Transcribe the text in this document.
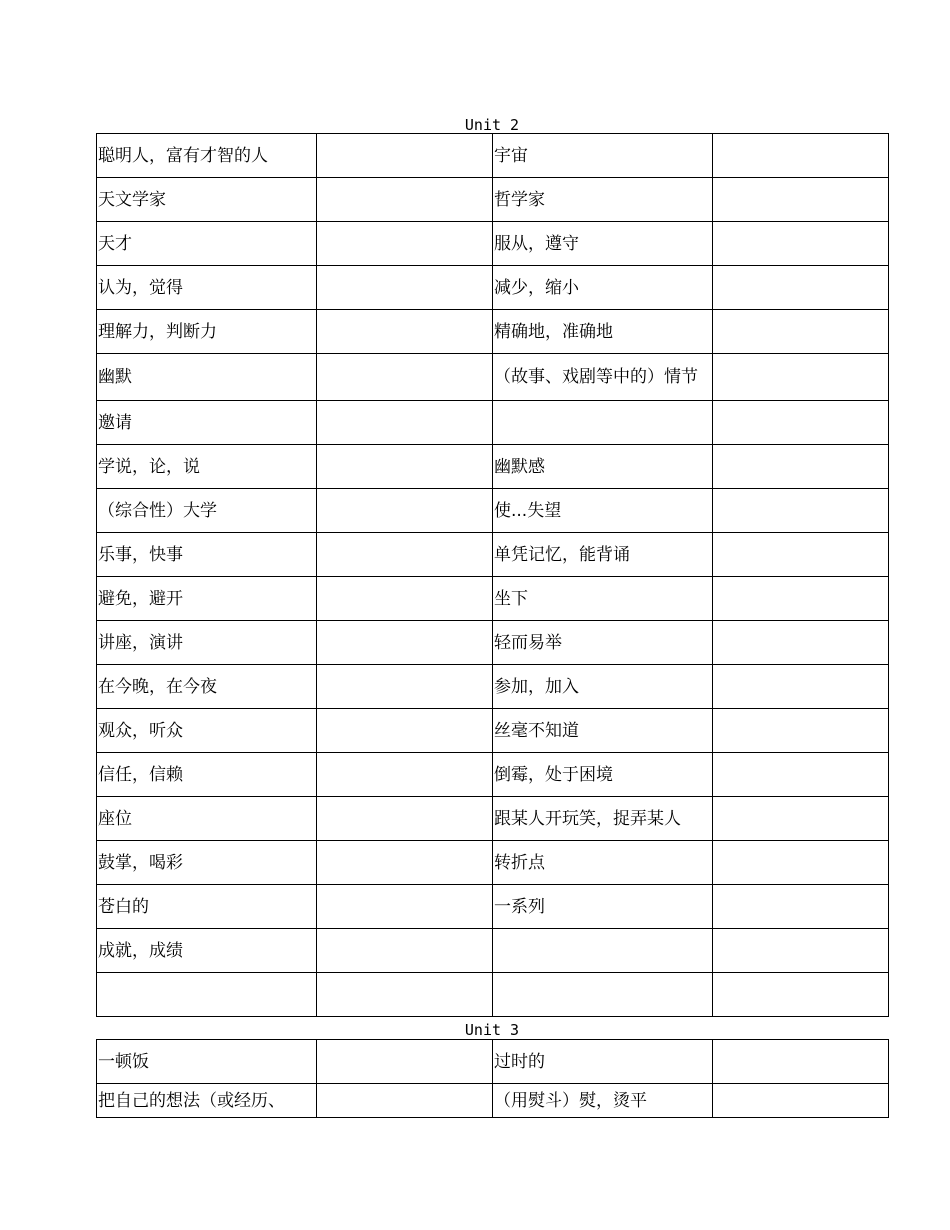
Unit 2
聪明人，富有才智的人		宇宙	
天文学家		哲学家	
天才		服从，遵守	
认为，觉得		减少，缩小	
理解力，判断力		精确地，准确地	
幽默		（故事、戏剧等中的）情节	
邀请			
学说，论，说		幽默感	
（综合性）大学		使...失望	
乐事，快事		单凭记忆，能背诵	
避免，避开		坐下	
讲座，演讲		轻而易举	
在今晚，在今夜		参加，加入	
观众，听众		丝毫不知道	
信任，信赖		倒霉，处于困境	
座位		跟某人开玩笑，捉弄某人	
鼓掌，喝彩		转折点	
苍白的		一系列	
成就，成绩			

Unit 3
一顿饭		过时的	
把自己的想法（或经历、		（用熨斗）熨，烫平	
